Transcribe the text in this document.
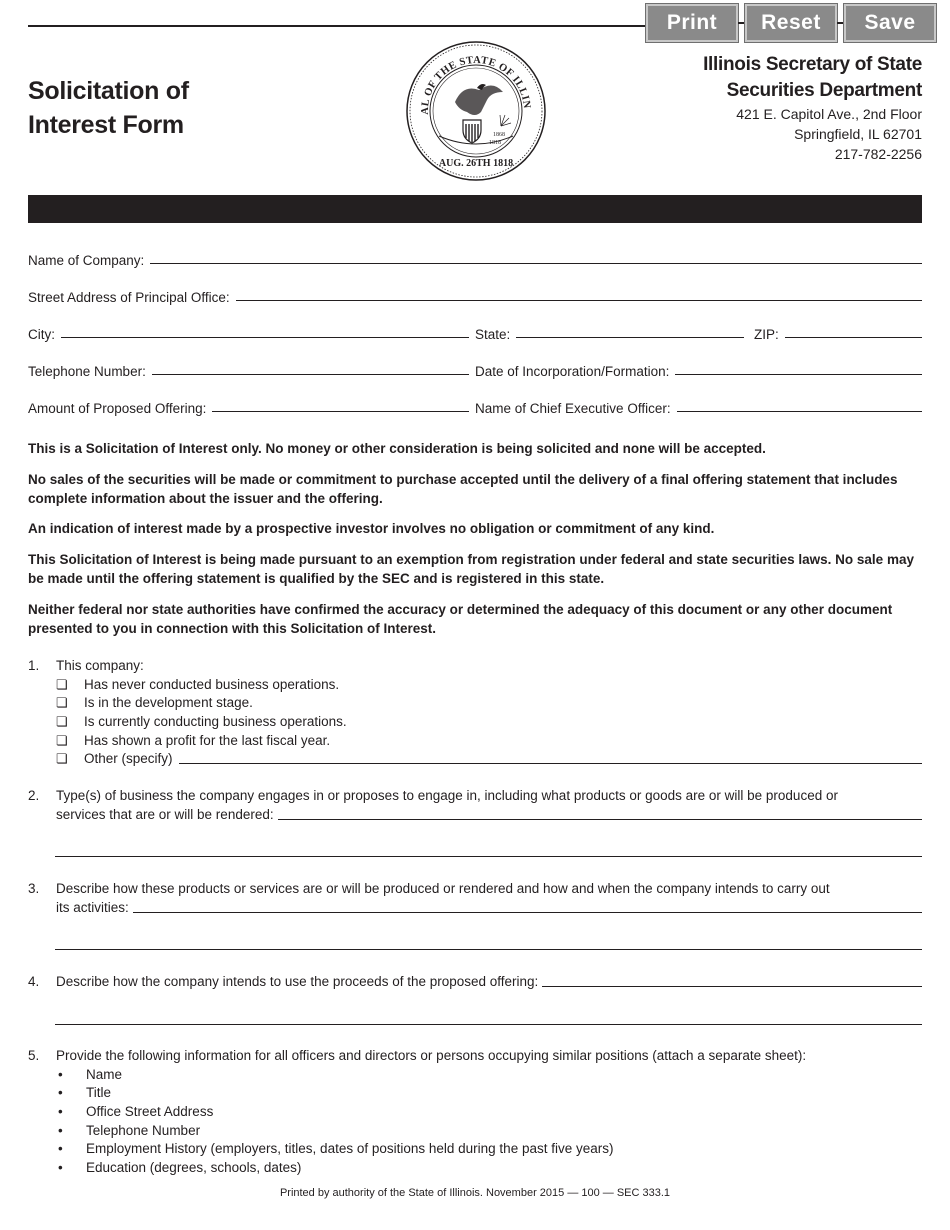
Print	Reset	Save
Solicitation of
Interest Form
AL OF THE STATE OF ILLIN
AUG. 26TH 1818
1868
1818
Illinois Secretary of State
Securities Department
421 E. Capitol Ave., 2nd Floor
Springfield, IL 62701
217-782-2256
Name of Company:
Street Address of Principal Office:
City:	State:	ZIP:
Telephone Number:	Date of Incorporation/Formation:
Amount of Proposed Offering:	Name of Chief Executive Officer:
This is a Solicitation of Interest only. No money or other consideration is being solicited and none will be accepted.
No sales of the securities will be made or commitment to purchase accepted until the delivery of a final offering statement that includes complete information about the issuer and the offering.
An indication of interest made by a prospective investor involves no obligation or commitment of any kind.
This Solicitation of Interest is being made pursuant to an exemption from registration under federal and state securities laws. No sale may be made until the offering statement is qualified by the SEC and is registered in this state.
Neither federal nor state authorities have confirmed the accuracy or determined the adequacy of this document or any other document presented to you in connection with this Solicitation of Interest.
1. This company:
❏	Has never conducted business operations.
❏	Is in the development stage.
❏	Is currently conducting business operations.
❏	Has shown a profit for the last fiscal year.
❏	Other (specify)
2. Type(s) of business the company engages in or proposes to engage in, including what products or goods are or will be produced or
services that are or will be rendered:
3. Describe how these products or services are or will be produced or rendered and how and when the company intends to carry out
its activities:
4. Describe how the company intends to use the proceeds of the proposed offering:
5. Provide the following information for all officers and directors or persons occupying similar positions (attach a separate sheet):
•	Name
•	Title
•	Office Street Address
•	Telephone Number
•	Employment History (employers, titles, dates of positions held during the past five years)
•	Education (degrees, schools, dates)
Printed by authority of the State of Illinois. November 2015 — 100 — SEC 333.1
